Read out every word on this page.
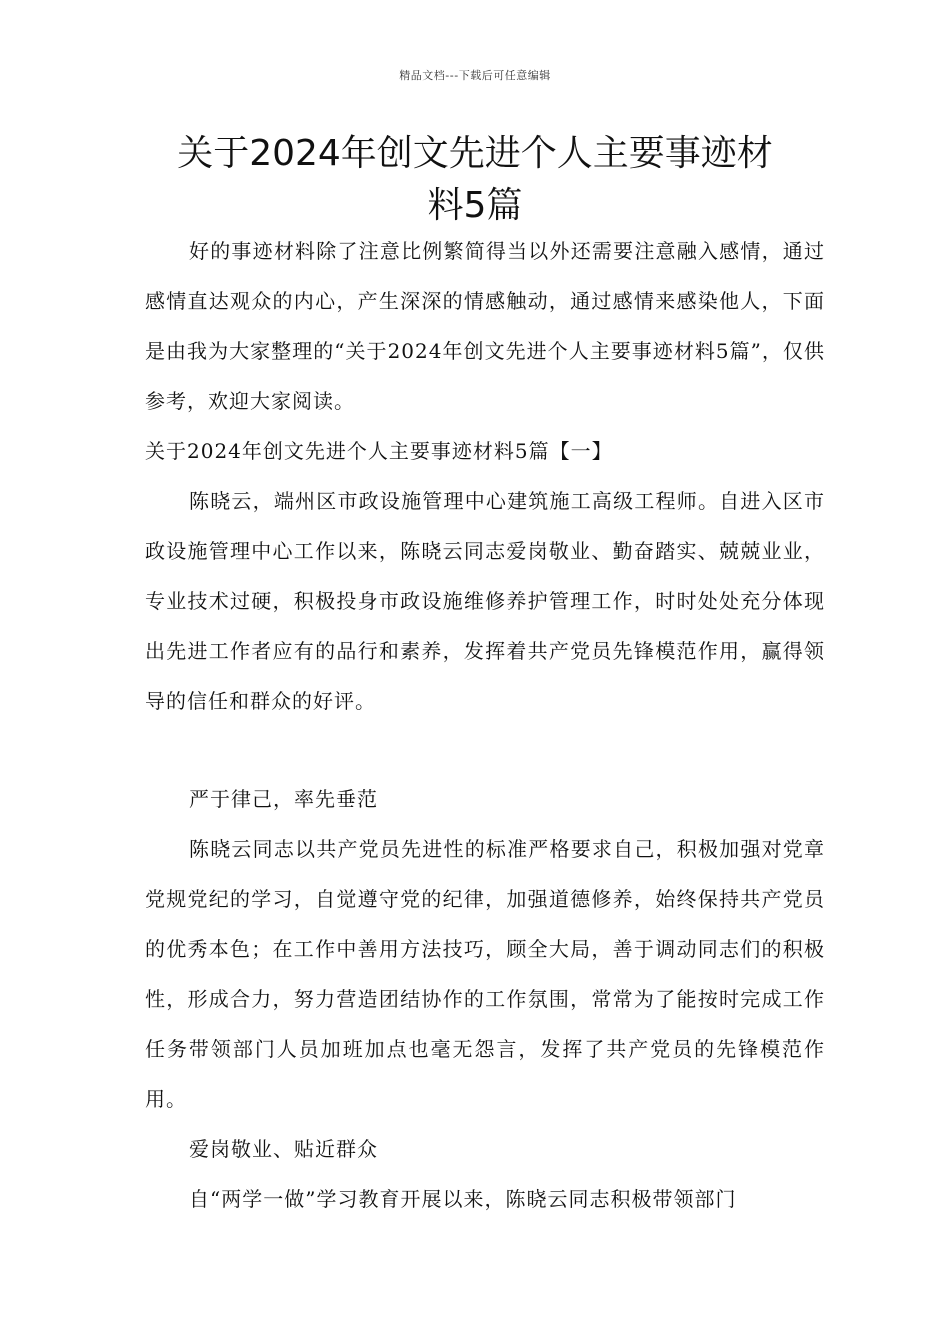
精品文档---下载后可任意编辑
关于2024年创文先进个人主要事迹材
料5篇

好的事迹材料除了注意比例繁简得当以外还需要注意融入感情，通过感情直达观众的内心，产生深深的情感触动，通过感情来感染他人，下面是由我为大家整理的“关于2024年创文先进个人主要事迹材料5篇”，仅供参考，欢迎大家阅读。

关于2024年创文先进个人主要事迹材料5篇【一】

陈晓云，端州区市政设施管理中心建筑施工高级工程师。自进入区市政设施管理中心工作以来，陈晓云同志爱岗敬业、勤奋踏实、兢兢业业，专业技术过硬，积极投身市政设施维修养护管理工作，时时处处充分体现出先进工作者应有的品行和素养，发挥着共产党员先锋模范作用，赢得领导的信任和群众的好评。

严于律己，率先垂范

陈晓云同志以共产党员先进性的标准严格要求自己，积极加强对党章党规党纪的学习，自觉遵守党的纪律，加强道德修养，始终保持共产党员的优秀本色；在工作中善用方法技巧，顾全大局，善于调动同志们的积极性，形成合力，努力营造团结协作的工作氛围，常常为了能按时完成工作任务带领部门人员加班加点也毫无怨言，发挥了共产党员的先锋模范作用。

爱岗敬业、贴近群众

自“两学一做”学习教育开展以来，陈晓云同志积极带领部门
